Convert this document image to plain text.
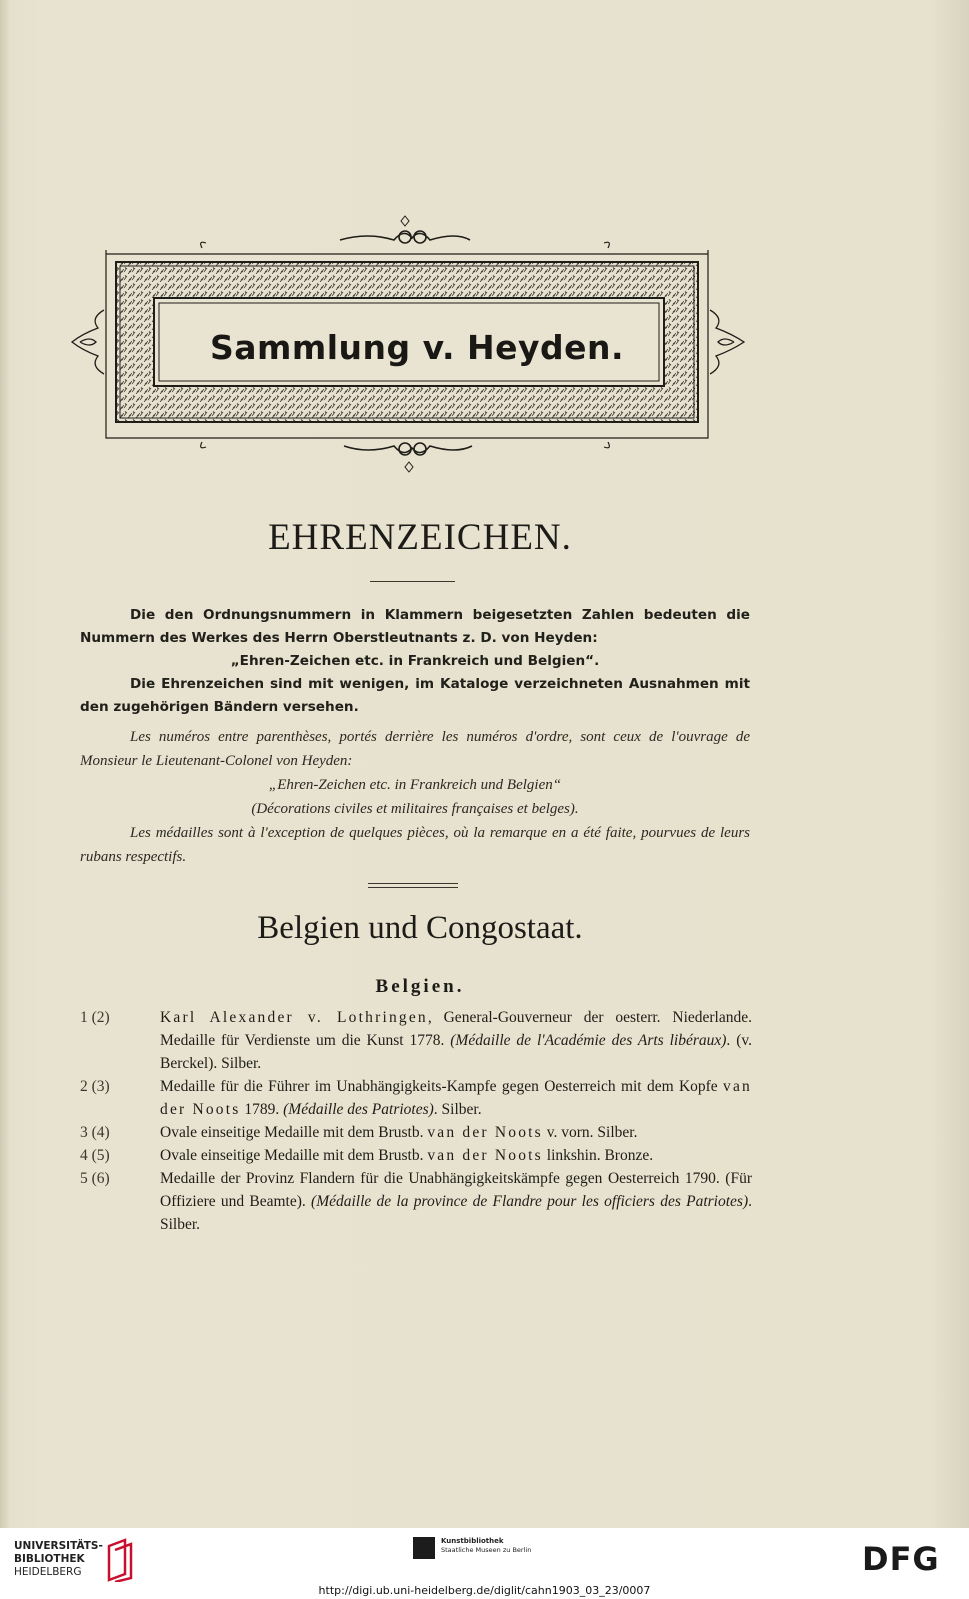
Sammlung v. Heyden.
EHRENZEICHEN.

Die den Ordnungsnummern in Klammern beigesetzten Zahlen bedeuten die Nummern des Werkes des Herrn Oberstleutnants z. D. von Heyden:

„Ehren-Zeichen etc. in Frankreich und Belgien“.

Die Ehrenzeichen sind mit wenigen, im Kataloge verzeichneten Ausnahmen mit den zugehörigen Bändern versehen.

Les numéros entre parenthèses, portés derrière les numéros d'ordre, sont ceux de l'ouvrage de Monsieur le Lieutenant-Colonel von Heyden:

„Ehren-Zeichen etc. in Frankreich und Belgien“

(Décorations civiles et militaires françaises et belges).

Les médailles sont à l'exception de quelques pièces, où la remarque en a été faite, pourvues de leurs rubans respectifs.

Belgien und Congostaat.
Belgien.
1 (2)	Karl Alexander v. Lothringen, General-Gouverneur der oesterr. Niederlande. Medaille für Verdienste um die Kunst 1778. (Médaille de l'Académie des Arts libéraux). (v. Berckel). Silber.
2 (3)	Medaille für die Führer im Unabhängigkeits-Kampfe gegen Oesterreich mit dem Kopfe van der Noots 1789. (Médaille des Patriotes). Silber.
3 (4)	Ovale einseitige Medaille mit dem Brustb. van der Noots v. vorn. Silber.
4 (5)	Ovale einseitige Medaille mit dem Brustb. van der Noots linkshin. Bronze.
5 (6)	Medaille der Provinz Flandern für die Unabhängigkeitskämpfe gegen Oesterreich 1790. (Für Offiziere und Beamte). (Médaille de la province de Flandre pour les officiers des Patriotes). Silber.
UNIVERSITÄTS-
BIBLIOTHEK
HEIDELBERG
Kunstbibliothek
Staatliche Museen zu Berlin	DFG
http://digi.ub.uni-heidelberg.de/diglit/cahn1903_03_23/0007
